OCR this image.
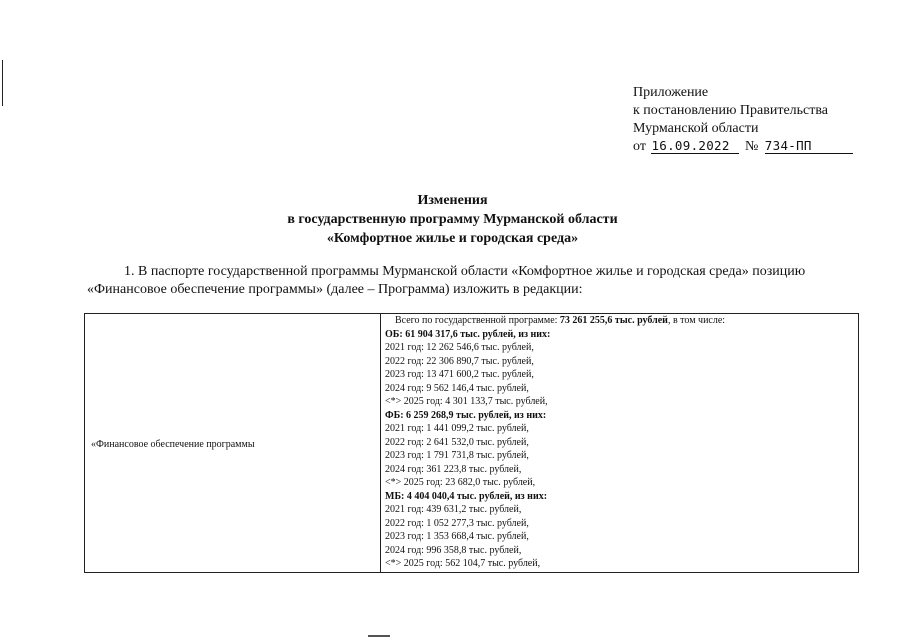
Приложение
к постановлению Правительства
Мурманской области
от 16.09.2022 № 734-ПП
Изменения
в государственную программу Мурманской области
«Комфортное жилье и городская среда»
1. В паспорте государственной программы Мурманской области «Комфортное жилье и городская среда» позицию
«Финансовое обеспечение программы» (далее – Программа) изложить в редакции:
«Финансовое обеспечение программы
Всего по государственной программе: 73 261 255,6 тыс. рублей, в том числе:
ОБ: 61 904 317,6 тыс. рублей, из них:
2021 год: 12 262 546,6 тыс. рублей,
2022 год: 22 306 890,7 тыс. рублей,
2023 год: 13 471 600,2 тыс. рублей,
2024 год: 9 562 146,4 тыс. рублей,
<*> 2025 год: 4 301 133,7 тыс. рублей,
ФБ: 6 259 268,9 тыс. рублей, из них:
2021 год: 1 441 099,2 тыс. рублей,
2022 год: 2 641 532,0 тыс. рублей,
2023 год: 1 791 731,8 тыс. рублей,
2024 год: 361 223,8 тыс. рублей,
<*> 2025 год: 23 682,0 тыс. рублей,
МБ: 4 404 040,4 тыс. рублей, из них:
2021 год: 439 631,2 тыс. рублей,
2022 год: 1 052 277,3 тыс. рублей,
2023 год: 1 353 668,4 тыс. рублей,
2024 год: 996 358,8 тыс. рублей,
<*> 2025 год: 562 104,7 тыс. рублей,
